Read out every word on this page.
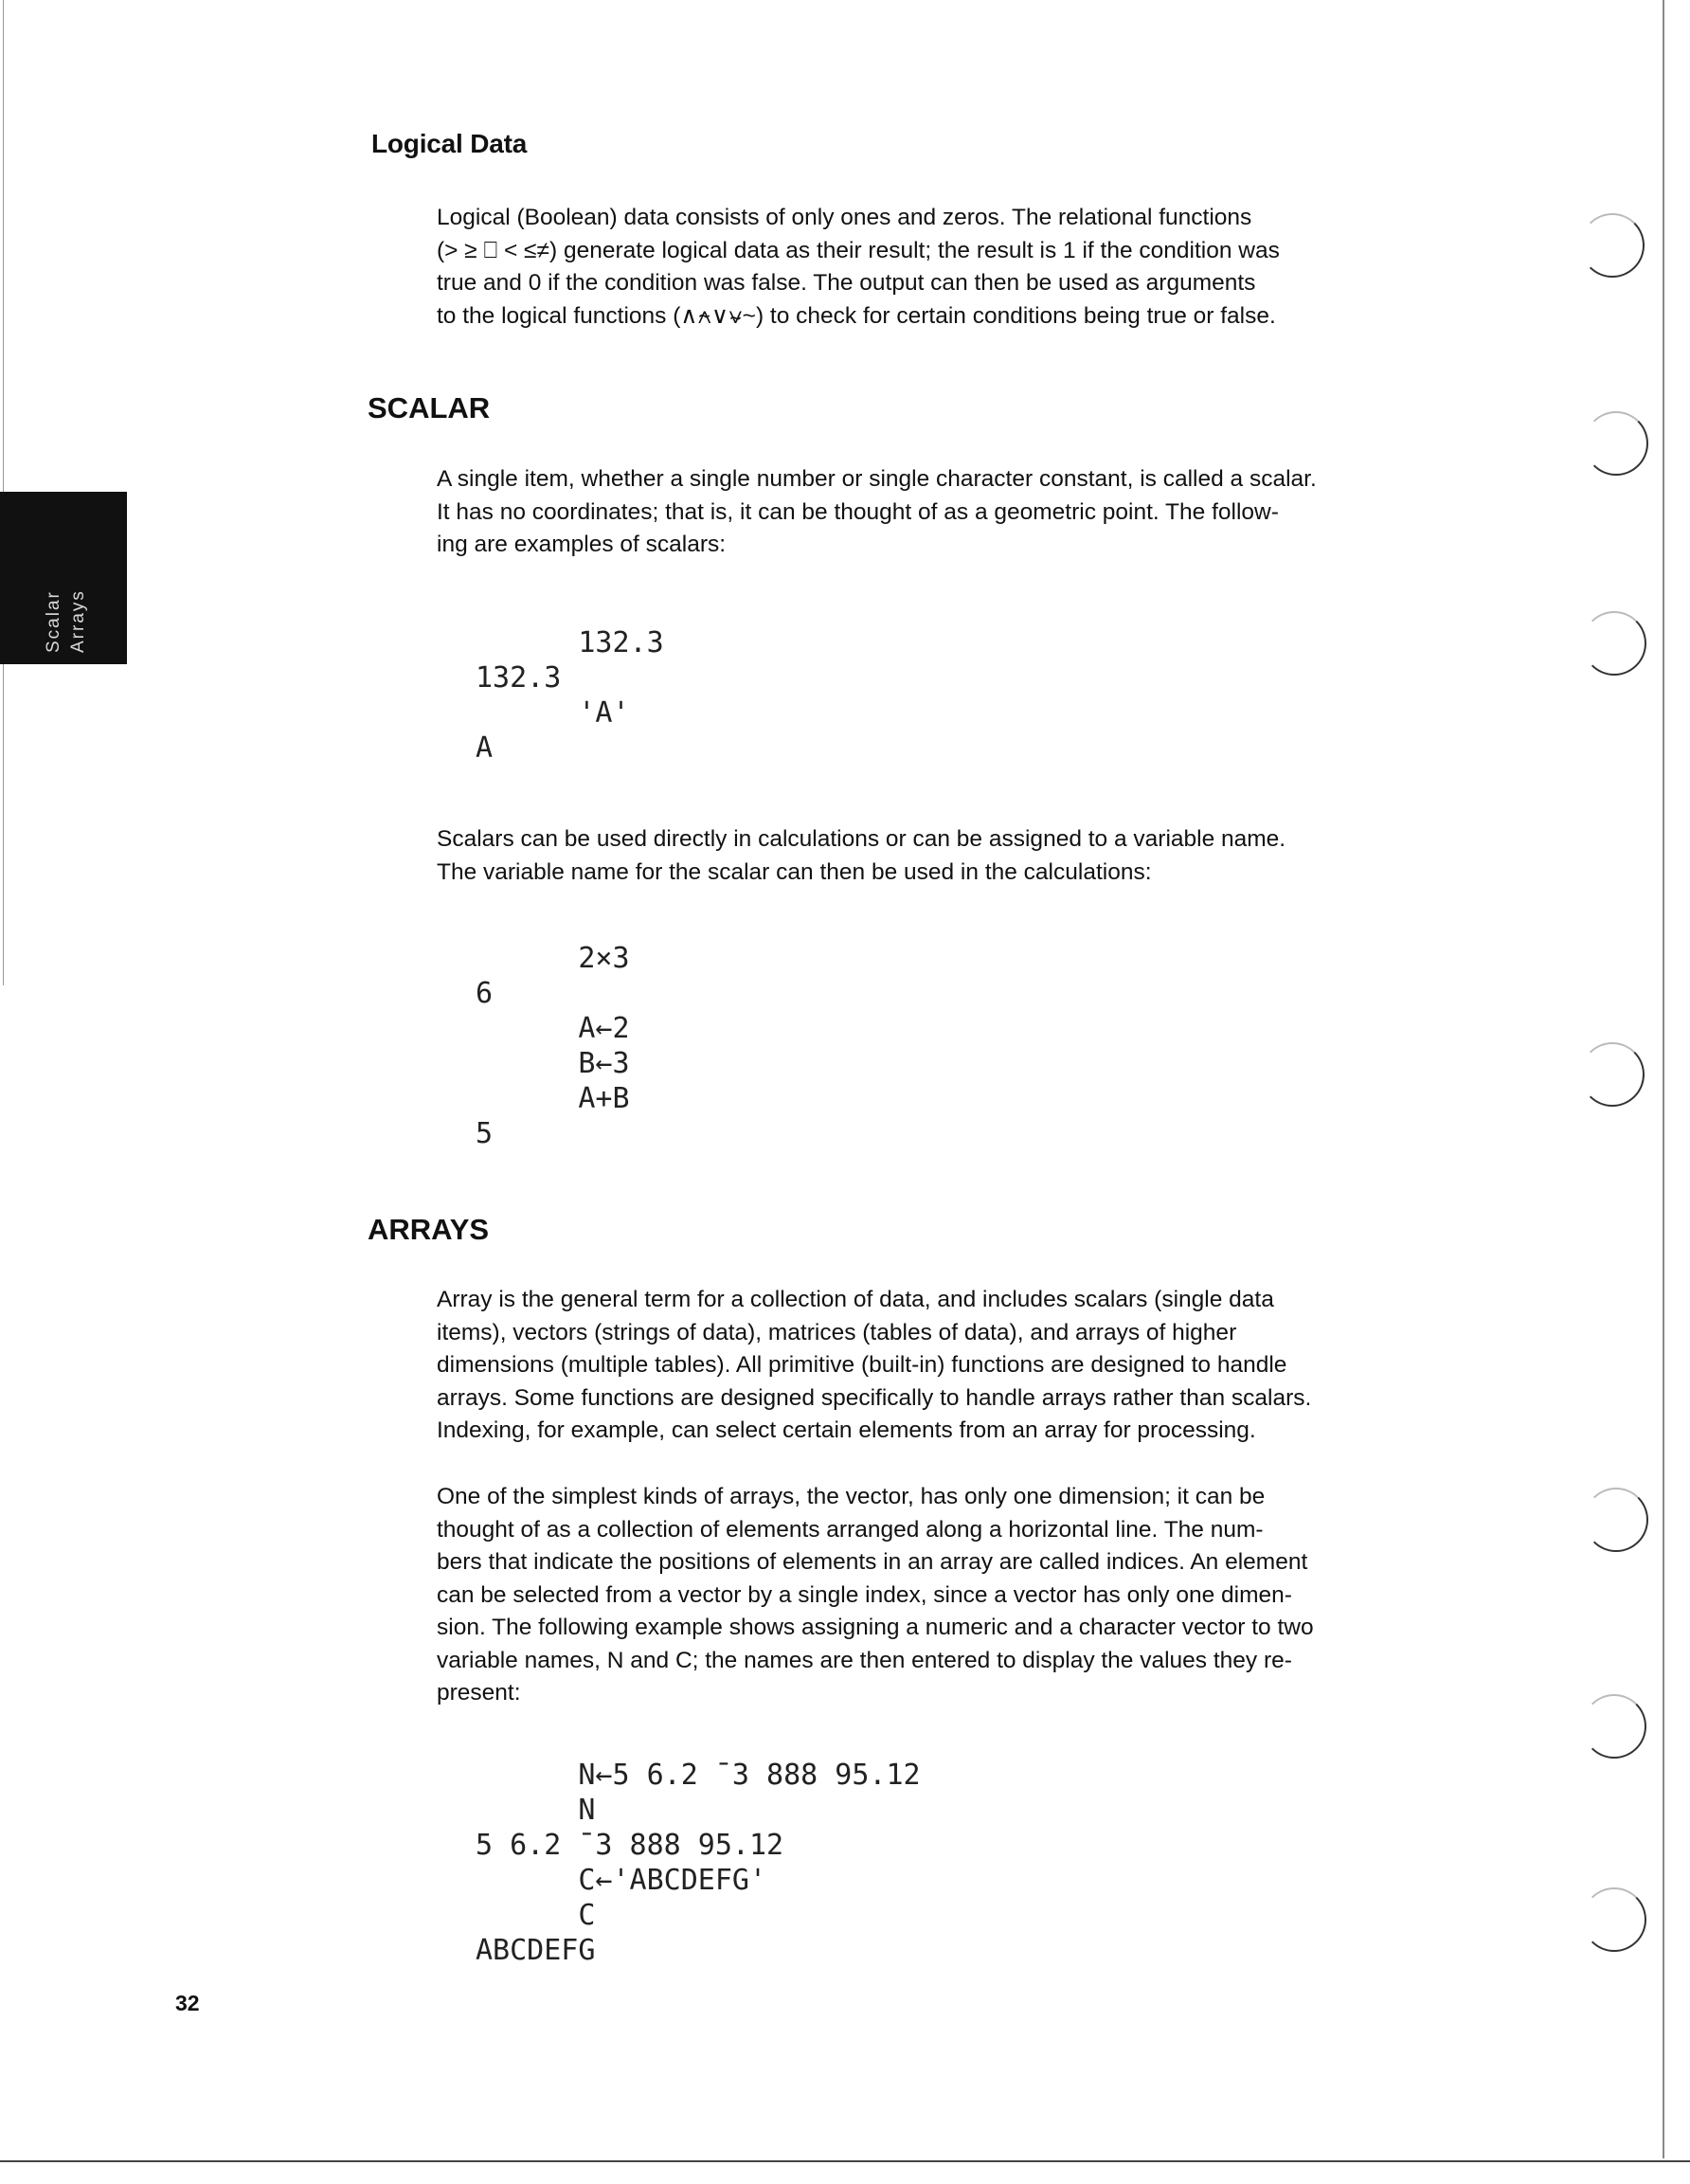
Logical Data

Logical (Boolean) data consists of only ones and zeros. The relational functions
(> ≥ ⎕ < ≤≠) generate logical data as their result; the result is 1 if the condition was
true and 0 if the condition was false. The output can then be used as arguments
to the logical functions (∧⍲∨⍱~) to check for certain conditions being true or false.

SCALAR

A single item, whether a single number or single character constant, is called a scalar.
It has no coordinates; that is, it can be thought of as a geometric point. The follow-
ing are examples of scalars:

132.3
132.3
'A'
A

Scalars can be used directly in calculations or can be assigned to a variable name.
The variable name for the scalar can then be used in the calculations:

2×3
6
A←2
B←3
A+B
5
ARRAYS

Array is the general term for a collection of data, and includes scalars (single data
items), vectors (strings of data), matrices (tables of data), and arrays of higher
dimensions (multiple tables). All primitive (built-in) functions are designed to handle
arrays. Some functions are designed specifically to handle arrays rather than scalars.
Indexing, for example, can select certain elements from an array for processing.

One of the simplest kinds of arrays, the vector, has only one dimension; it can be
thought of as a collection of elements arranged along a horizontal line. The num-
bers that indicate the positions of elements in an array are called indices. An element
can be selected from a vector by a single index, since a vector has only one dimen-
sion. The following example shows assigning a numeric and a character vector to two
variable names, N and C; the names are then entered to display the values they re-
present:

N←5 6.2 ¯3 888 95.12
N
5 6.2 ¯3 888 95.12
C←'ABCDEFG'
C
ABCDEFG
Scalar Arrays
32
